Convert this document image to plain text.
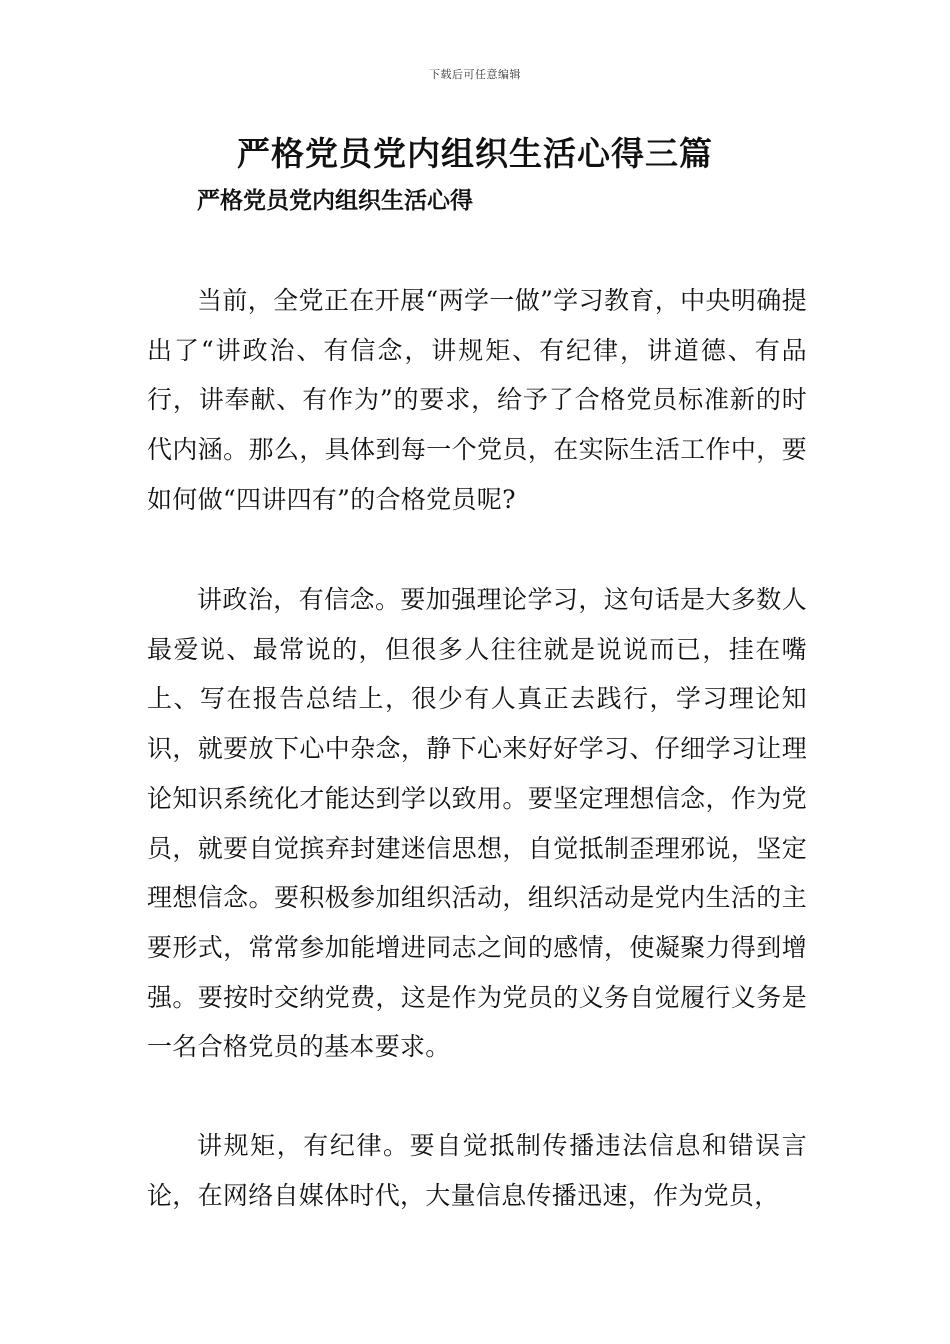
下载后可任意编辑
严格党员党内组织生活心得三篇
严格党员党内组织生活心得

当前，全党正在开展“两学一做”学习教育，中央明确提出了“讲政治、有信念，讲规矩、有纪律，讲道德、有品行，讲奉献、有作为”的要求，给予了合格党员标准新的时代内涵。那么，具体到每一个党员，在实际生活工作中，要如何做“四讲四有”的合格党员呢?

讲政治，有信念。要加强理论学习，这句话是大多数人最爱说、最常说的，但很多人往往就是说说而已，挂在嘴上、写在报告总结上，很少有人真正去践行，学习理论知识，就要放下心中杂念，静下心来好好学习、仔细学习让理论知识系统化才能达到学以致用。要坚定理想信念，作为党员，就要自觉摈弃封建迷信思想，自觉抵制歪理邪说，坚定理想信念。要积极参加组织活动，组织活动是党内生活的主要形式，常常参加能增进同志之间的感情，使凝聚力得到增强。要按时交纳党费，这是作为党员的义务自觉履行义务是一名合格党员的基本要求。

讲规矩，有纪律。要自觉抵制传播违法信息和错误言论，在网络自媒体时代，大量信息传播迅速，作为党员，
